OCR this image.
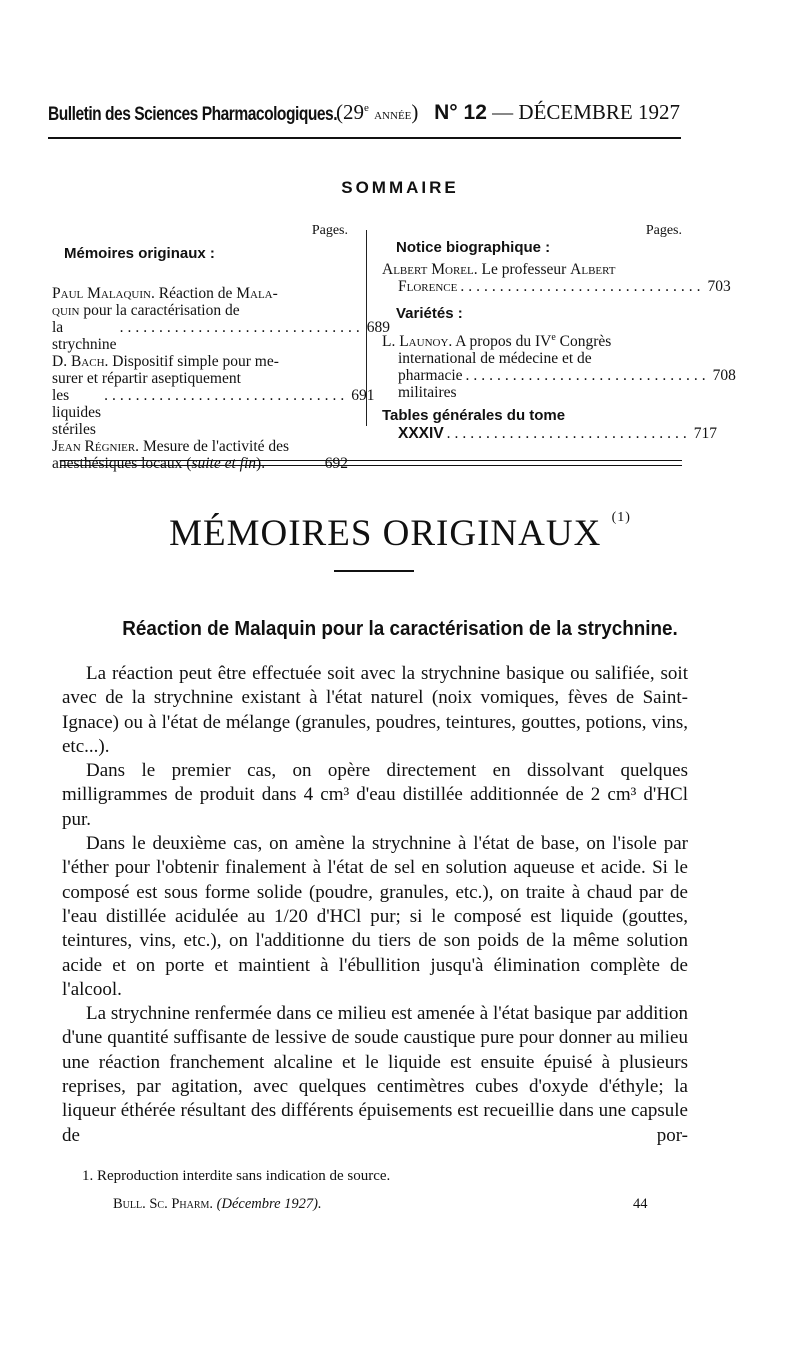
Bulletin des Sciences Pharmacologiques.
(29e année) N° 12 — DÉCEMBRE 1927
SOMMAIRE
Pages.
Mémoires originaux :
Paul Malaquin. Réaction de Mala-
quin pour la caractérisation de
la strychnine
............................... 689
D. Bach. Dispositif simple pour me-
surer et répartir aseptiquement
les liquides stériles
............................... 691
Jean Régnier. Mesure de l'activité des
anesthésiques locaux (suite et fin).	692
Pages.
Notice biographique :
Albert Morel. Le professeur Albert
Florence ............................... 703
Variétés :
L. Launoy. A propos du IVe Congrès
international de médecine et de
pharmacie militaires
............................... 708
Tables générales du tome
XXXIV ............................... 717
MÉMOIRES ORIGINAUX $^{(1)}$
Réaction de Malaquin pour la caractérisation de la strychnine.

La réaction peut être effectuée soit avec la strychnine basique ou salifiée, soit avec de la strychnine existant à l'état naturel (noix vomiques, fèves de Saint-Ignace) ou à l'état de mélange (granules, poudres, teintures, gouttes, potions, vins, etc...).

Dans le premier cas, on opère directement en dissolvant quelques milligrammes de produit dans 4 cm³ d'eau distillée additionnée de 2 cm³ d'HCl pur.

Dans le deuxième cas, on amène la strychnine à l'état de base, on l'isole par l'éther pour l'obtenir finalement à l'état de sel en solution aqueuse et acide. Si le composé est sous forme solide (poudre, granules, etc.), on traite à chaud par de l'eau distillée acidulée au 1/20 d'HCl pur; si le composé est liquide (gouttes, teintures, vins, etc.), on l'additionne du tiers de son poids de la même solution acide et on porte et maintient à l'ébullition jusqu'à élimination complète de l'alcool.

La strychnine renfermée dans ce milieu est amenée à l'état basique par addition d'une quantité suffisante de lessive de soude caustique pure pour donner au milieu une réaction franchement alcaline et le liquide est ensuite épuisé à plusieurs reprises, par agitation, avec quelques centimètres cubes d'oxyde d'éthyle; la liqueur éthérée résultant des différents épuisements est recueillie dans une capsule de por-

1. Reproduction interdite sans indication de source.
Bull. Sc. Pharm. (Décembre 1927).	44
